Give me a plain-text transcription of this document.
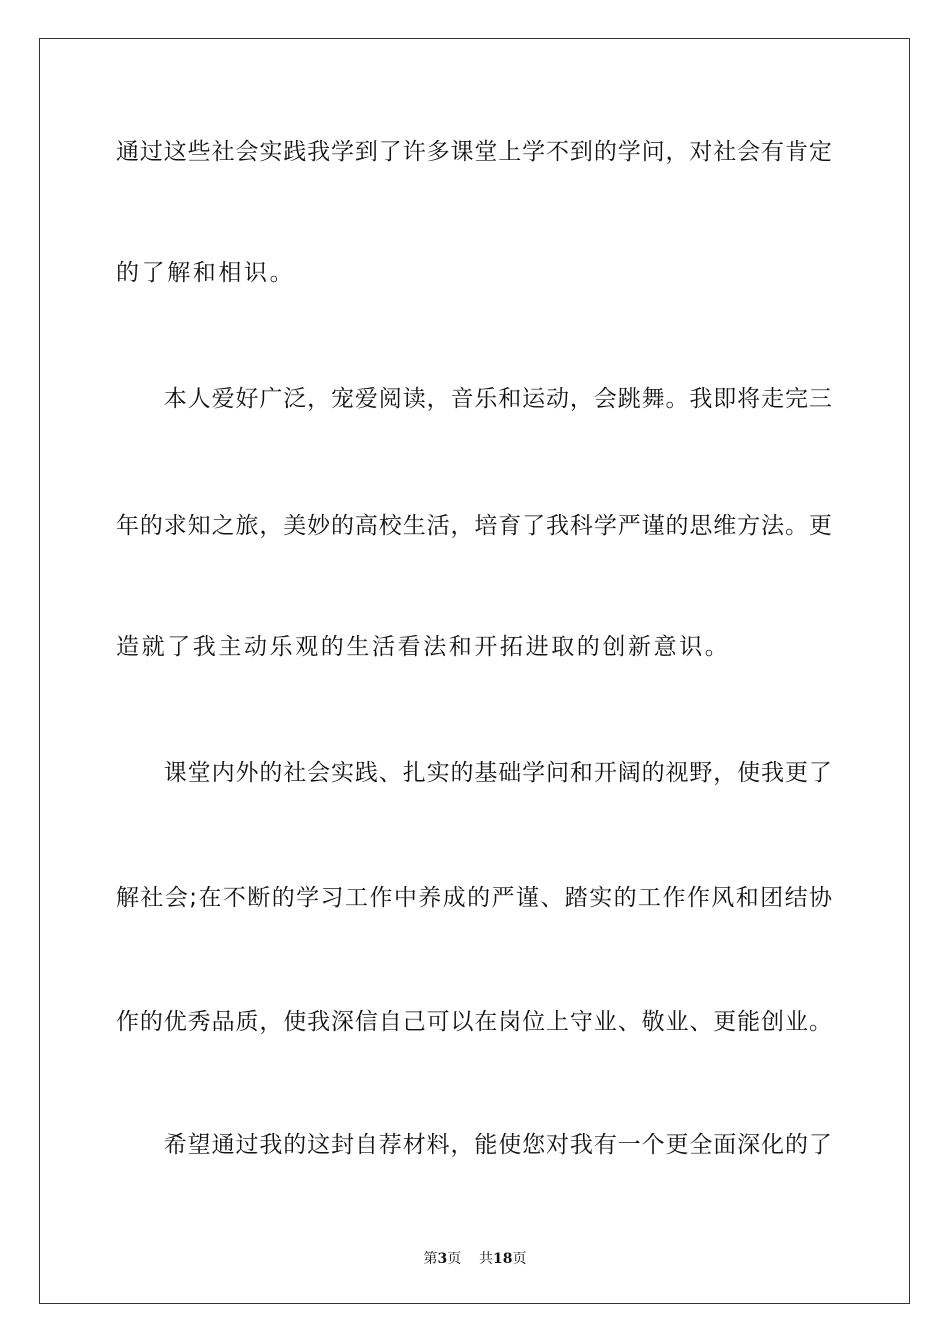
通 过 这 些 社 会 实 践 我 学 到 了 许 多 课 堂 上 学 不 到 的 学 问 ， 对 社 会 有 肯 定

的了解和相识。

本 人 爱 好 广 泛 ， 宠 爱 阅 读 ， 音 乐 和 运 动 ， 会 跳 舞 。 我 即 将 走 完 三

年 的 求 知 之 旅 ， 美 妙 的 高 校 生 活 ， 培 育 了 我 科 学 严 谨 的 思 维 方 法 。 更

造就了我主动乐观的生活看法和开拓进取的创新意识。

课 堂 内 外 的 社 会 实 践 、 扎 实 的 基 础 学 问 和 开 阔 的 视 野 ， 使 我 更 了

解 社 会 ; 在 不 断 的 学 习 工 作 中 养 成 的 严 谨 、 踏 实 的 工 作 作 风 和 团 结 协

作 的 优 秀 品 质 ， 使 我 深 信 自 己 可 以 在 岗 位 上 守 业 、 敬 业 、 更 能 创 业 。

希 望 通 过 我 的 这 封 自 荐 材 料 ， 能 使 您 对 我 有 一 个 更 全 面 深 化 的 了

第3页 共18页
